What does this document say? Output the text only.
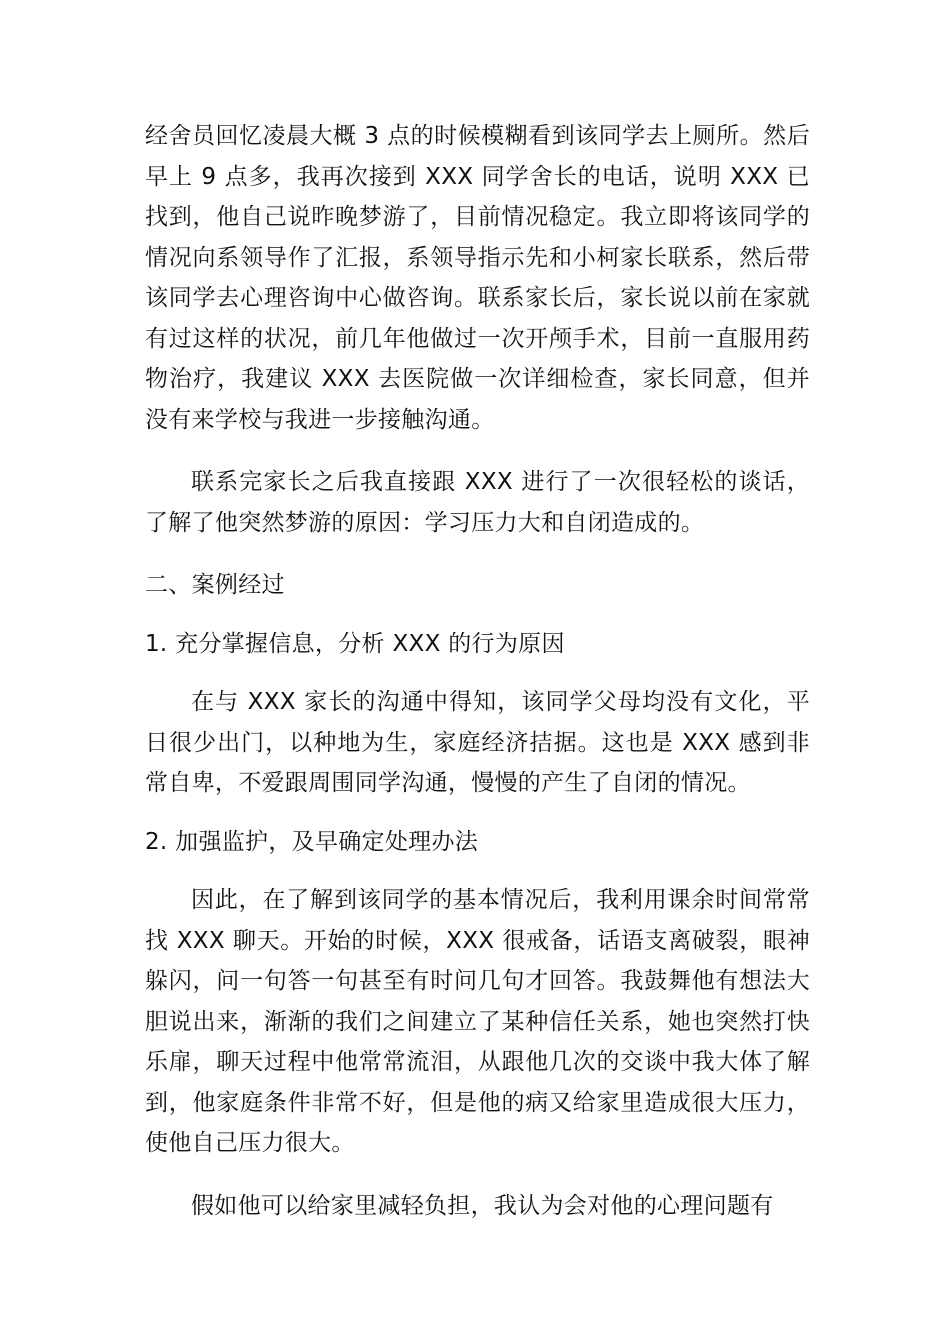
经舍员回忆凌晨大概 3 点的时候模糊看到该同学去上厕所。然后早上 9 点多，我再次接到 XXX 同学舍长的电话，说明 XXX 已找到，他自己说昨晚梦游了，目前情况稳定。我立即将该同学的情况向系领导作了汇报，系领导指示先和小柯家长联系，然后带该同学去心理咨询中心做咨询。联系家长后，家长说以前在家就有过这样的状况，前几年他做过一次开颅手术，目前一直服用药物治疗，我建议 XXX 去医院做一次详细检查，家长同意，但并没有来学校与我进一步接触沟通。

联系完家长之后我直接跟 XXX 进行了一次很轻松的谈话，了解了他突然梦游的原因：学习压力大和自闭造成的。

二、案例经过

1. 充分掌握信息，分析 XXX 的行为原因

在与 XXX 家长的沟通中得知，该同学父母均没有文化，平日很少出门，以种地为生，家庭经济拮据。这也是 XXX 感到非常自卑，不爱跟周围同学沟通，慢慢的产生了自闭的情况。

2. 加强监护，及早确定处理办法

因此，在了解到该同学的基本情况后，我利用课余时间常常找 XXX 聊天。开始的时候，XXX 很戒备，话语支离破裂，眼神躲闪，问一句答一句甚至有时问几句才回答。我鼓舞他有想法大胆说出来，渐渐的我们之间建立了某种信任关系，她也突然打快乐扉，聊天过程中他常常流泪，从跟他几次的交谈中我大体了解到，他家庭条件非常不好，但是他的病又给家里造成很大压力，使他自己压力很大。

假如他可以给家里减轻负担，我认为会对他的心理问题有
